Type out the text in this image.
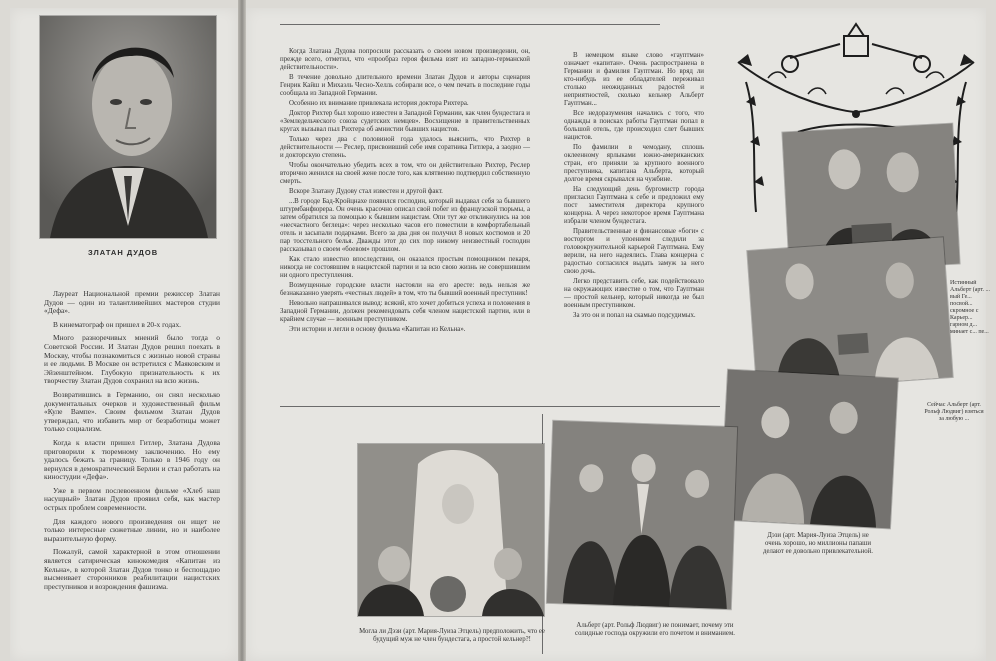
ЗЛАТАН ДУДОВ

Лауреат Национальной премии режиссер Златан Дудов — один из талантливейших мастеров студии «Дефа».

В кинематограф он пришел в 20-х годах.

Много разноречивых мнений было тогда о Советской России. И Златан Дудов решил поехать в Москву, чтобы познакомиться с жизнью новой страны и ее людьми. В Москве он встретился с Маяковским и Эйзенштейном. Глубокую признательность к их творчеству Златан Дудов сохранил на всю жизнь.

Возвратившись в Германию, он снял несколько документальных очерков и художественный фильм «Куле Вампе». Своим фильмом Златан Дудов утверждал, что избавить мир от безработицы может только социализм.

Когда к власти пришел Гитлер, Златана Дудова приговорили к тюремному заключению. Но ему удалось бежать за границу. Только в 1946 году он вернулся в демократический Берлин и стал работать на киностудии «Дефа».

Уже в первом послевоенном фильме «Хлеб наш насущный» Златан Дудов проявил себя, как мастер острых проблем современности.

Для каждого нового произведения он ищет не только интересные сюжетные линии, но и наиболее выразительную форму.

Пожалуй, самой характерной в этом отношении является сатирическая кинокомедия «Капитан из Кельна», в которой Златан Дудов тонко и беспощадно высмеивает сторонников реабилитации нацистских преступников и возрождения фашизма.

Когда Златана Дудова попросили рассказать о своем новом произведении, он, прежде всего, отметил, что «прообраз героя фильма взят из западно-германской действительности».

В течение довольно длительного времени Златан Дудов и авторы сценария Генрик Кайш и Михаэль Чесно-Хелль собирали все, о чем печать в последние годы сообщала из Западной Германии.

Особенно их внимание привлекала история доктора Рихтера.

Доктор Рихтер был хорошо известен в Западной Германии, как член бундестага и «Земледельческого союза судетских немцев». Восхищение в правительственных кругах вызывал пыл Рихтера об амнистии бывших нацистов.

Только через два с половиной года удалось выяснить, что Рихтер в действительности — Реслер, присвоивший себе имя соратника Гитлера, а заодно — и докторскую степень.

Чтобы окончательно убедить всех в том, что он действительно Рихтер, Реслер вторично женился на своей жене после того, как клятвенно подтвердил собственную смерть.

Вскоре Златану Дудову стал известен и другой факт.

...В городе Бад-Кройцнахе появился господин, который выдавал себя за бывшего штурмбанфюрера. Он очень красочно описал свой побег из французской тюрьмы, а затем обратился за помощью к бывшим нацистам. Опи тут же откликнулись на зов «несчастного беглеца»: через несколько часов его поместили в комфортабельный отель и засыпали подарками. Всего за два дня он получил 8 новых костюмов и 20 пар тосстельного белья. Дважды этот до сих пор никому неизвестный господин рассказывал о своем «боевом» прошлом.

Как стало известно впоследствии, он оказался простым помощником пекаря, никогда не состоявшим в нацистской партии и за всю свою жизнь не совершившим ни одного преступления.

Возмущенные городские власти настояли на его аресте: ведь нельзя же безнаказанно уверять «честных людей» в том, что ты бывший военный преступник!

Невольно напрашивался вывод: всякий, кто хочет добиться успеха и положения в Западной Германии, должен рекомендовать себя членом нацистской партии, или в крайнем случае — военным преступником.

Эти истории и легли в основу фильма «Капитан из Кельна».

В немецком языке слово «гауптман» означает «капитан». Очень распространена в Германии и фамилия Гауптман. Но вряд ли кто-нибудь из ее обладателей переживал столько неожиданных радостей и неприятностей, сколько кельнер Альберт Гауптман...

Все недоразумения начались с того, что однажды в поисках работы Гауптман попал в большой отель, где происходил слет бывших нацистов.

По фамилии в чемодану, сплошь оклеенному ярлыками южно-американских стран, его приняли за крупного военного преступника, капитана Альберта, который долгое время скрывался на чужбине.

На следующий день бургомистр города пригласил Гауптмана к себе и предложил ему пост заместителя директора крупного концерна. А через некоторое время Гауптмана избрали членом бундестага.

Правительственные и финансовые «боги» с восторгом и упоением следили за головокружительной карьерой Гауптмана. Ему верили, на него надеялись. Глава концерна с радостью согласился выдать замуж за него свою дочь.

Легко представить себе, как подействовало на окружающих известие о том, что Гауптман — простой кельнер, который никогда не был военным преступником.

За это он и попал на скамью подсудимых.

Истинный Альберт (арт. ... вый Ге... посвой... скромное с Карьер... гарном д... минает с... пе...
Сейчас Альберт (арт. Рольф Людвиг) взяться за любую ...
Могла ли Дэзи (арт. Мария-Луиза Этцель) предположить, что ее будущий муж не член бундестага, а простой кельнер?!
Альберт (арт. Рольф Людвиг) не понимает, почему эти солидные господа окружили его почетом и вниманием.
Дэзи (арт. Мария-Луиза Этцель) не очень хорошо, но миллионы папаши делают ее довольно привлекательной.
